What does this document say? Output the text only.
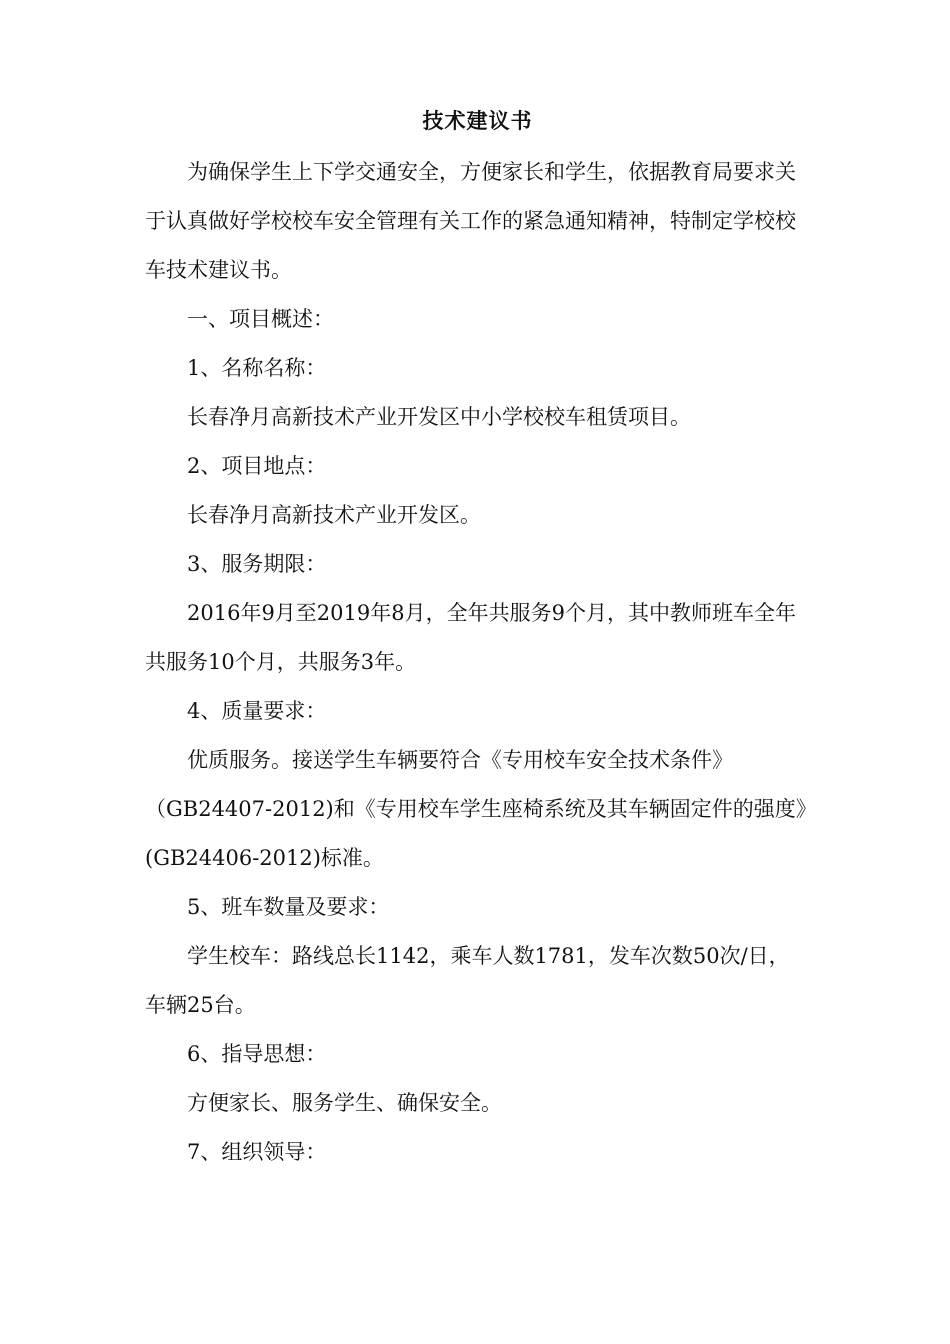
技术建议书

为确保学生上下学交通安全，方便家长和学生，依据教育局要求关于认真做好学校校车安全管理有关工作的紧急通知精神，特制定学校校车技术建议书。

一、项目概述：

1、名称名称：

长春净月高新技术产业开发区中小学校校车租赁项目。

2、项目地点：

长春净月高新技术产业开发区。

3、服务期限：

2016年9月至2019年8月，全年共服务9个月，其中教师班车全年共服务10个月，共服务3年。

4、质量要求：

优质服务。接送学生车辆要符合《专用校车安全技术条件》（GB24407-2012)和《专用校车学生座椅系统及其车辆固定件的强度》(GB24406-2012)标准。

5、班车数量及要求：

学生校车：路线总长1142，乘车人数1781，发车次数50次/日，车辆25台。

6、指导思想：

方便家长、服务学生、确保安全。

7、组织领导：
